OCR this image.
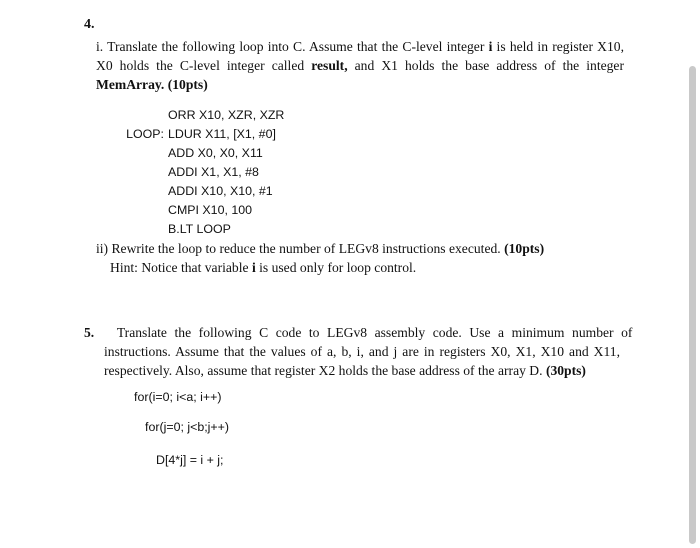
4.
i. Translate the following loop into C. Assume that the C-level integer i is held in register X10,
X0 holds the C-level integer called result, and X1 holds the base address of the integer
MemArray. (10pts)
ORR X10, XZR, XZR
LOOP: LDUR X11, [X1, #0]
ADD X0, X0, X11
ADDI X1, X1, #8
ADDI X10, X10, #1
CMPI X10, 100
B.LT LOOP
ii) Rewrite the loop to reduce the number of LEGv8 instructions executed. (10pts)
Hint: Notice that variable i is used only for loop control.
5. Translate the following C code to LEGv8 assembly code. Use a minimum number of
instructions. Assume that the values of a, b, i, and j are in registers X0, X1, X10 and X11,
respectively. Also, assume that register X2 holds the base address of the array D. (30pts)
for(i=0; i<a; i++)
for(j=0; j<b;j++)
D[4*j] = i + j;
